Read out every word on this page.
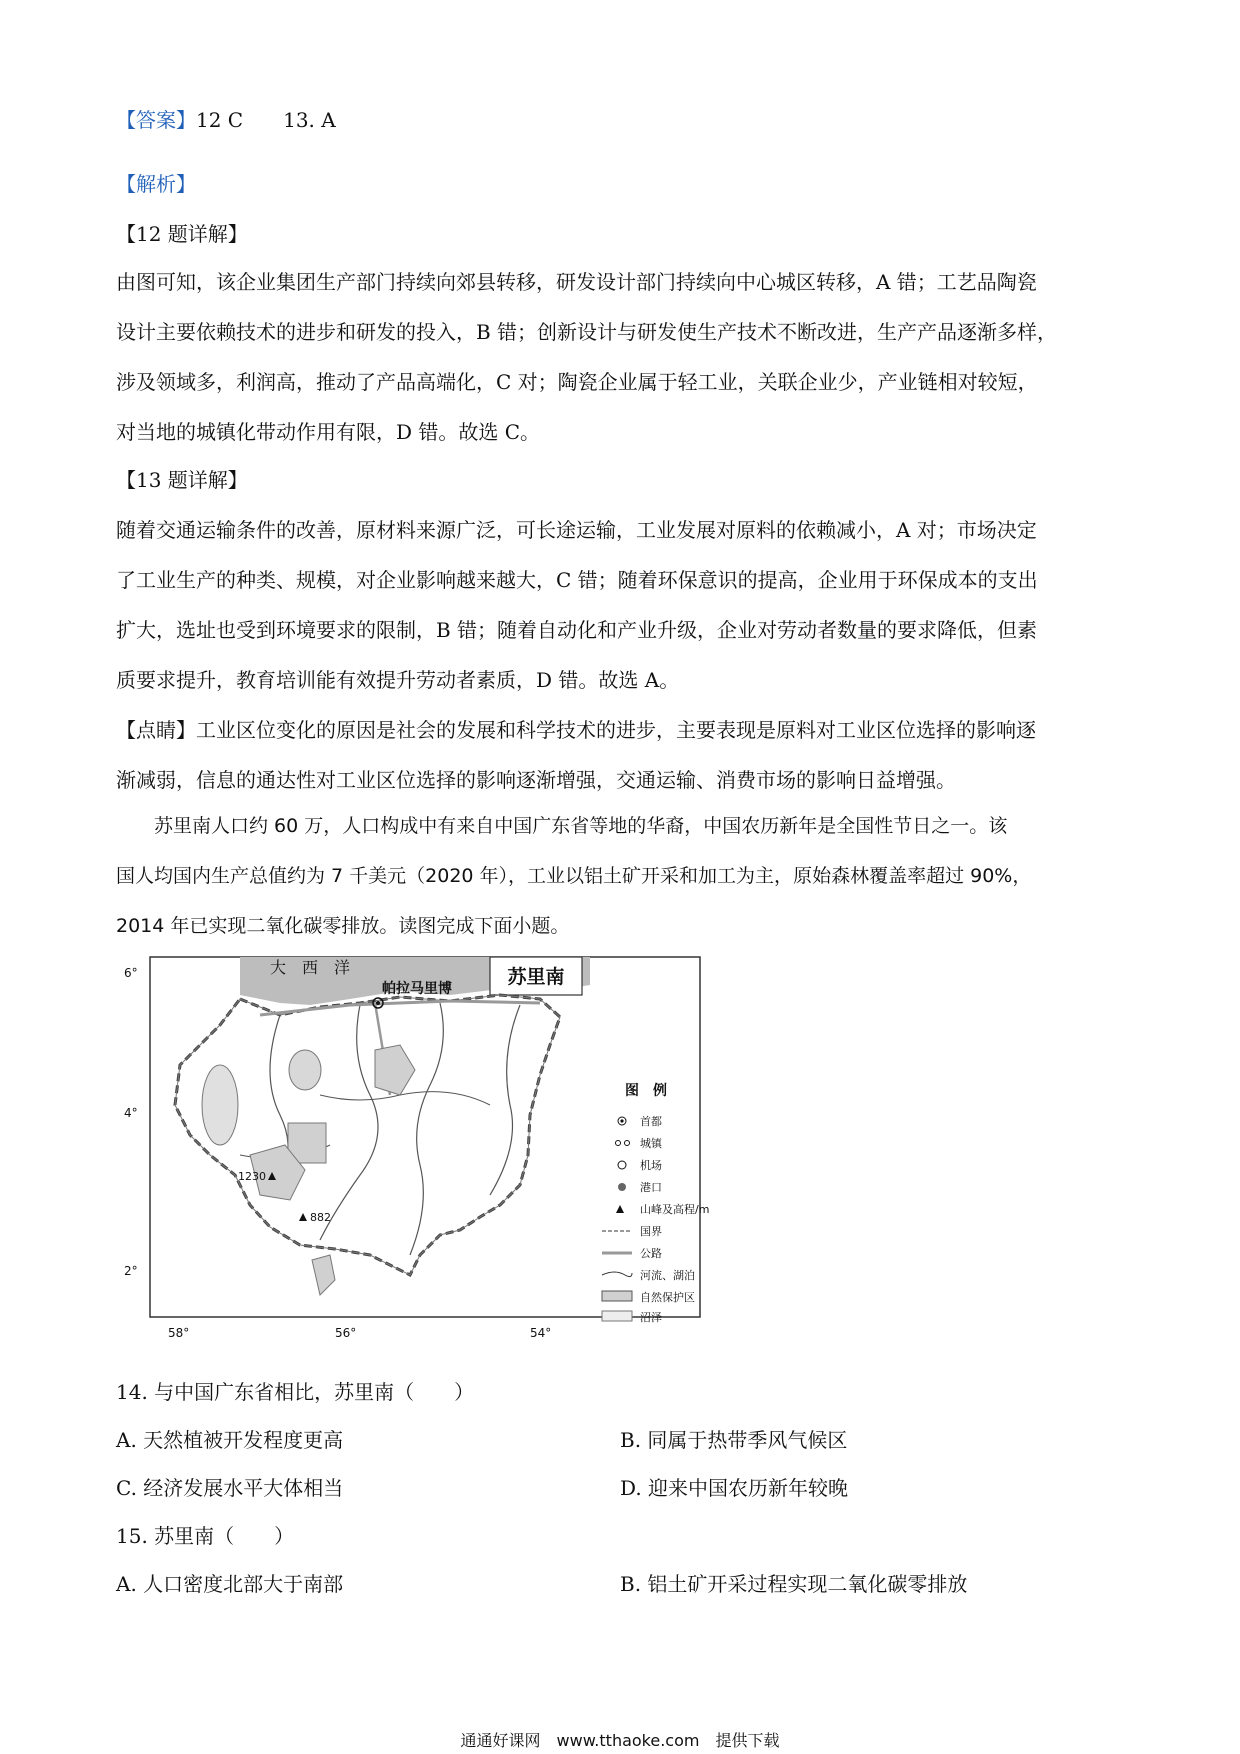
【答案】12 C　　13. A
【解析】
【12 题详解】
由图可知，该企业集团生产部门持续向郊县转移，研发设计部门持续向中心城区转移，A 错；工艺品陶瓷
设计主要依赖技术的进步和研发的投入，B 错；创新设计与研发使生产技术不断改进，生产产品逐渐多样，
涉及领域多，利润高，推动了产品高端化，C 对；陶瓷企业属于轻工业，关联企业少，产业链相对较短，
对当地的城镇化带动作用有限，D 错。故选 C。
【13 题详解】
随着交通运输条件的改善，原材料来源广泛，可长途运输，工业发展对原料的依赖减小，A 对；市场决定
了工业生产的种类、规模，对企业影响越来越大，C 错；随着环保意识的提高，企业用于环保成本的支出
扩大，选址也受到环境要求的限制，B 错；随着自动化和产业升级，企业对劳动者数量的要求降低，但素
质要求提升，教育培训能有效提升劳动者素质，D 错。故选 A。
【点睛】工业区位变化的原因是社会的发展和科学技术的进步，主要表现是原料对工业区位选择的影响逐
渐减弱，信息的通达性对工业区位选择的影响逐渐增强，交通运输、消费市场的影响日益增强。
　　苏里南人口约 60 万，人口构成中有来自中国广东省等地的华裔，中国农历新年是全国性节日之一。该
国人均国内生产总值约为 7 千美元（2020 年），工业以铝土矿开采和加工为主，原始森林覆盖率超过 90%，
2014 年已实现二氧化碳零排放。读图完成下面小题。
苏里南
大　西　洋
帕拉马里博
1230
882
6°
4°
2°
58°	56°	54°
图　例
首都
城镇
机场
港口
山峰及高程/m
国界
公路
河流、湖泊
自然保护区
沼泽
14. 与中国广东省相比，苏里南（　　）
A. 天然植被开发程度更高	B. 同属于热带季风气候区
C. 经济发展水平大体相当	D. 迎来中国农历新年较晚
15. 苏里南（　　）
A. 人口密度北部大于南部	B. 铝土矿开采过程实现二氧化碳零排放
通通好课网　www.tthaoke.com　提供下载
